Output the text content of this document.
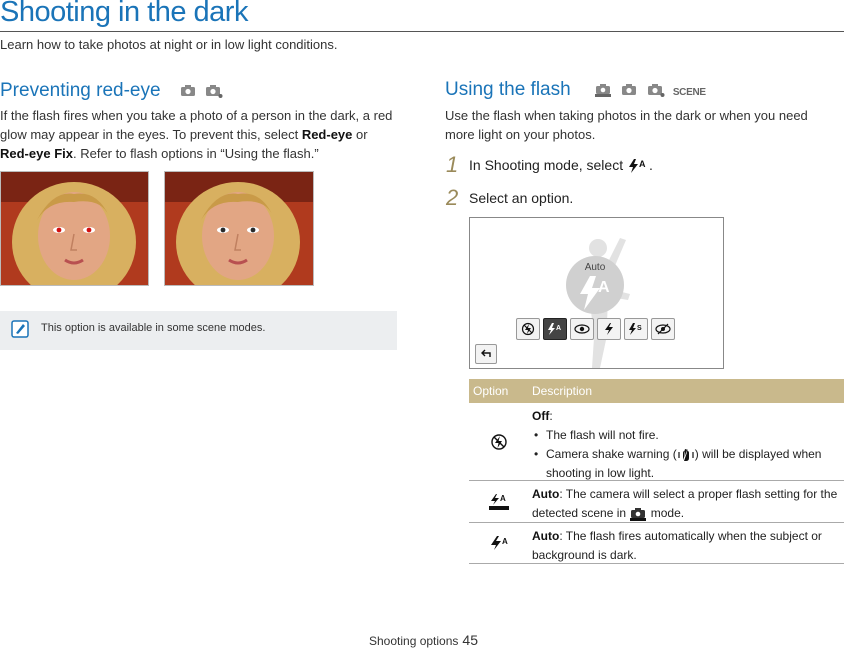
Shooting in the dark
Learn how to take photos at night or in low light conditions.
Preventing red-eye
If the flash fires when you take a photo of a person in the dark, a red glow may appear in the eyes. To prevent this, select Red-eye or Red-eye Fix. Refer to flash options in “Using the flash.”
This option is available in some scene modes.
Using the flash	SCENE
Use the flash when taking photos in the dark or when you need more light on your photos.
1 In Shooting mode, select A .
2 Select an option.
Auto
A
A	S
Option	Description
Off:
• The flash will not fire.
• Camera shake warning ( ) will be displayed when shooting in low light.
A	Auto: The camera will select a proper flash setting for the detected scene in  mode.
A	Auto: The flash fires automatically when the subject or background is dark.
Shooting options 45
